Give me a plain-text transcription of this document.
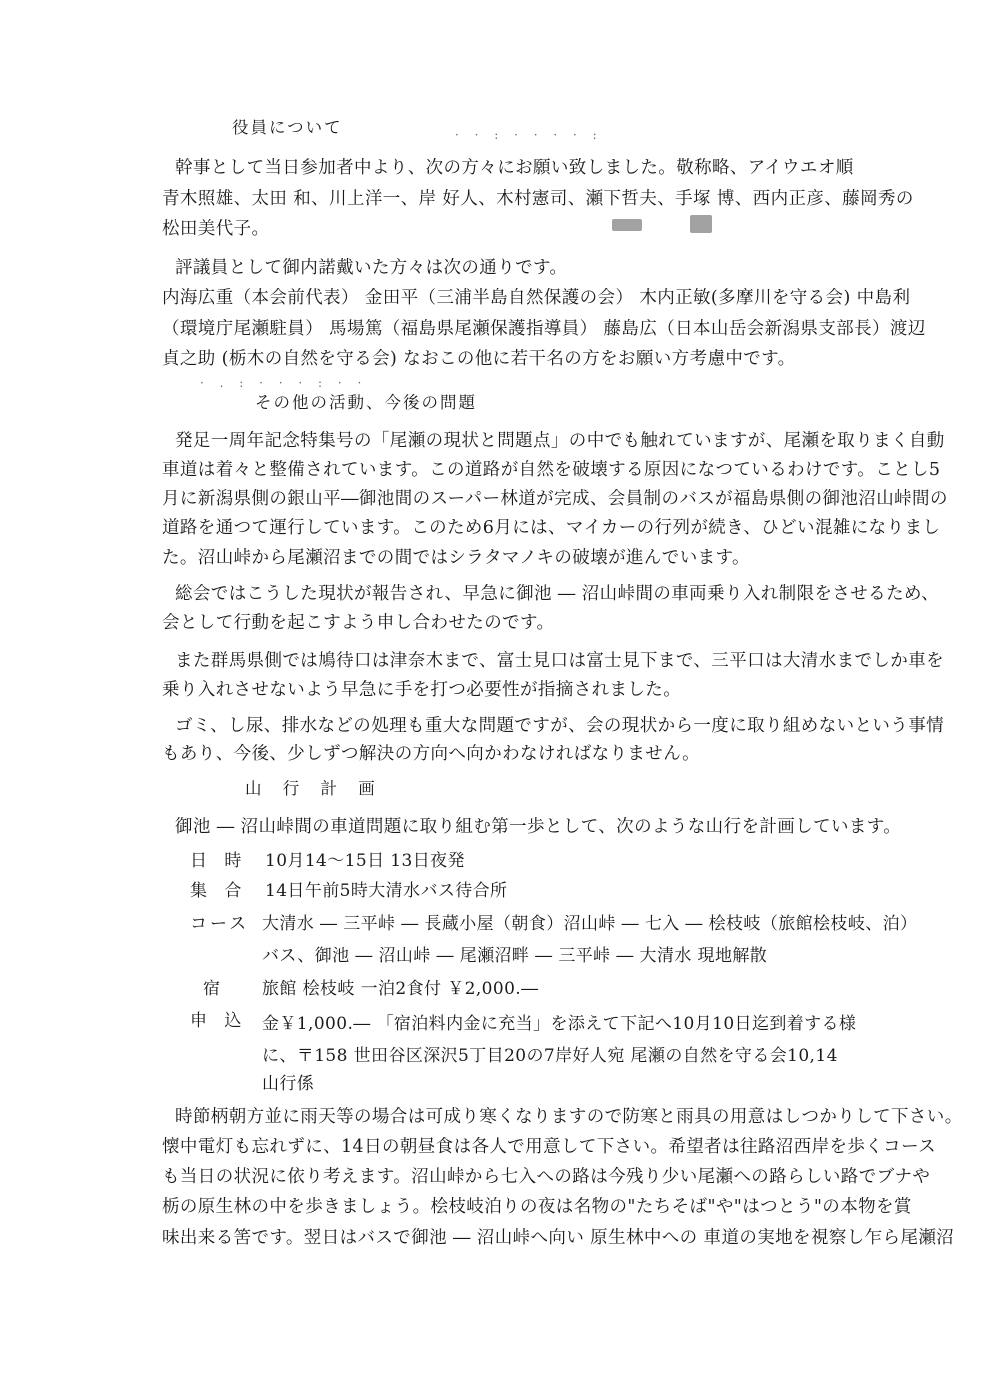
役員について	· · : · · · · :
幹事として当日参加者中より、次の方々にお願い致しました。敬称略、アイウエオ順
青木照雄、太田 和、川上洋一、岸 好人、木村憲司、瀬下哲夫、手塚 博、西内正彦、藤岡秀の
松田美代子。
評議員として御内諾戴いた方々は次の通りです。
内海広重（本会前代表） 金田平（三浦半島自然保護の会） 木内正敏(多摩川を守る会) 中島利
（環境庁尾瀬駐員） 馬場篤（福島県尾瀬保護指導員） 藤島広（日本山岳会新潟県支部長）渡辺
貞之助 (栃木の自然を守る会) なおこの他に若干名の方をお願い方考慮中です。
· . : · · · : · ·
その他の活動、今後の問題
発足一周年記念特集号の「尾瀬の現状と問題点」の中でも触れていますが、尾瀬を取りまく自動
車道は着々と整備されています。この道路が自然を破壊する原因になつているわけです。ことし5
月に新潟県側の銀山平―御池間のスーパー林道が完成、会員制のバスが福島県側の御池沼山峠間の
道路を通つて運行しています。このため6月には、マイカーの行列が続き、ひどい混雑になりまし
た。沼山峠から尾瀬沼までの間ではシラタマノキの破壊が進んでいます。
総会ではこうした現状が報告され、早急に御池 ― 沼山峠間の車両乗り入れ制限をさせるため、
会として行動を起こすよう申し合わせたのです。
また群馬県側では鳩待口は津奈木まで、富士見口は富士見下まで、三平口は大清水までしか車を
乗り入れさせないよう早急に手を打つ必要性が指摘されました。
ゴミ、し尿、排水などの処理も重大な問題ですが、会の現状から一度に取り組めないという事情
もあり、今後、少しずつ解決の方向へ向かわなければなりません。
山 行 計 画
御池 ― 沼山峠間の車道問題に取り組む第一歩として、次のような山行を計画しています。
日 時 10月14～15日 13日夜発
集 合 14日午前5時大清水バス待合所
コース 大清水 ― 三平峠 ― 長蔵小屋（朝食）沼山峠 ― 七入 ― 桧枝岐（旅館桧枝岐、泊）
バス、御池 ― 沼山峠 ― 尾瀬沼畔 ― 三平峠 ― 大清水 現地解散
宿 旅館 桧枝岐 一泊2食付 ￥2,000.―
申 込 金￥1,000.― 「宿泊料内金に充当」を添えて下記へ10月10日迄到着する様
に、〒158 世田谷区深沢5丁目20の7岸好人宛 尾瀬の自然を守る会10,14
山行係
時節柄朝方並に雨天等の場合は可成り寒くなりますので防寒と雨具の用意はしつかりして下さい。
懐中電灯も忘れずに、14日の朝昼食は各人で用意して下さい。希望者は往路沼西岸を歩くコース
も当日の状況に依り考えます。沼山峠から七入への路は今残り少い尾瀬への路らしい路でブナや
栃の原生林の中を歩きましょう。桧枝岐泊りの夜は名物の"たちそば"や"はつとう"の本物を賞
味出来る筈です。翌日はバスで御池 ― 沼山峠へ向い 原生林中への 車道の実地を視察し乍ら尾瀬沼
